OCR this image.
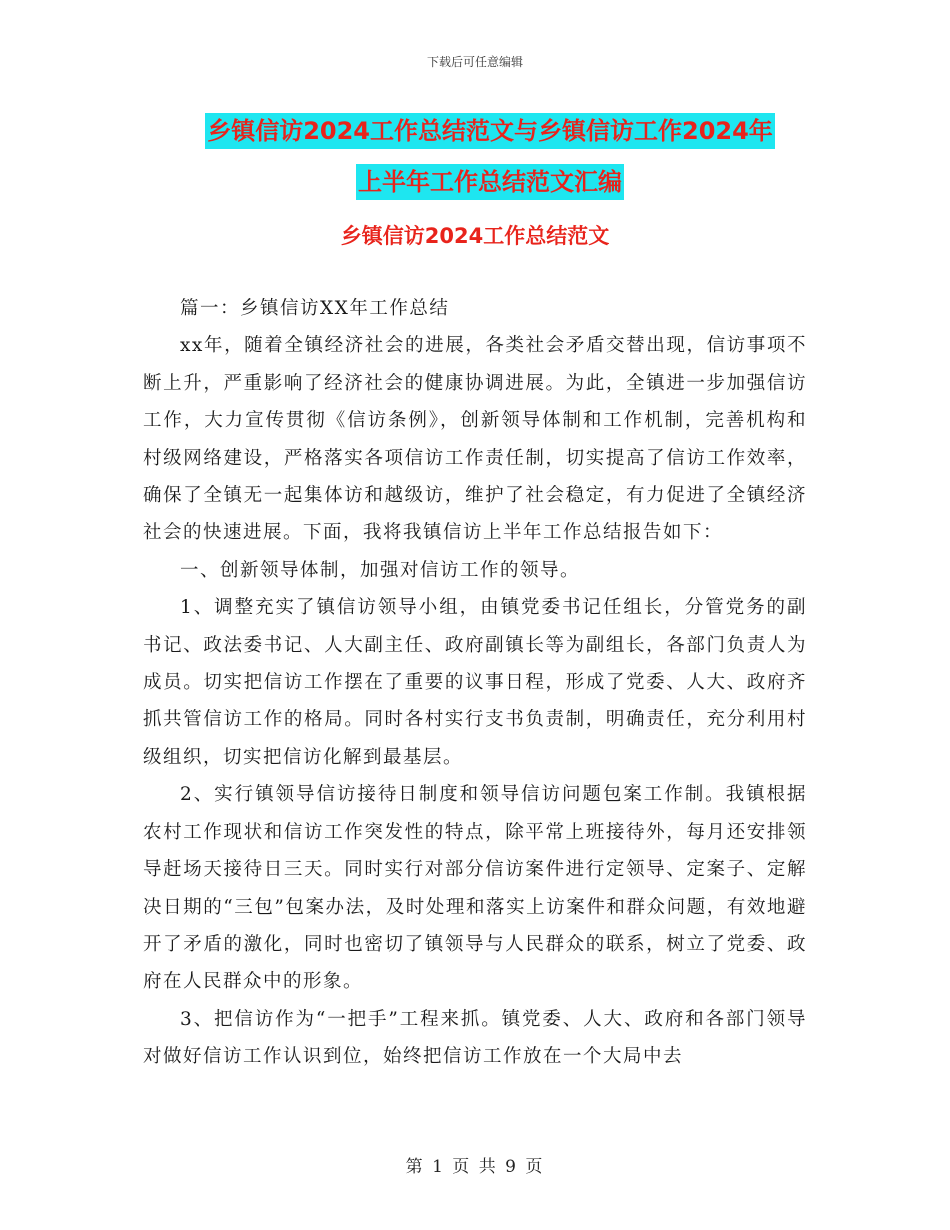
下载后可任意编辑
乡镇信访2024工作总结范文与乡镇信访工作2024年
上半年工作总结范文汇编
乡镇信访2024工作总结范文

篇一：乡镇信访XX年工作总结

xx年，随着全镇经济社会的进展，各类社会矛盾交替出现，信访事项不断上升，严重影响了经济社会的健康协调进展。为此，全镇进一步加强信访工作，大力宣传贯彻《信访条例》，创新领导体制和工作机制，完善机构和村级网络建设，严格落实各项信访工作责任制，切实提高了信访工作效率，确保了全镇无一起集体访和越级访，维护了社会稳定，有力促进了全镇经济社会的快速进展。下面，我将我镇信访上半年工作总结报告如下：

一、创新领导体制，加强对信访工作的领导。

1、调整充实了镇信访领导小组，由镇党委书记任组长，分管党务的副书记、政法委书记、人大副主任、政府副镇长等为副组长，各部门负责人为成员。切实把信访工作摆在了重要的议事日程，形成了党委、人大、政府齐抓共管信访工作的格局。同时各村实行支书负责制，明确责任，充分利用村级组织，切实把信访化解到最基层。

2、实行镇领导信访接待日制度和领导信访问题包案工作制。我镇根据农村工作现状和信访工作突发性的特点，除平常上班接待外，每月还安排领导赶场天接待日三天。同时实行对部分信访案件进行定领导、定案子、定解决日期的“三包”包案办法，及时处理和落实上访案件和群众问题，有效地避开了矛盾的激化，同时也密切了镇领导与人民群众的联系，树立了党委、政府在人民群众中的形象。

3、把信访作为“一把手”工程来抓。镇党委、人大、政府和各部门领导对做好信访工作认识到位，始终把信访工作放在一个大局中去

第 1 页 共 9 页
